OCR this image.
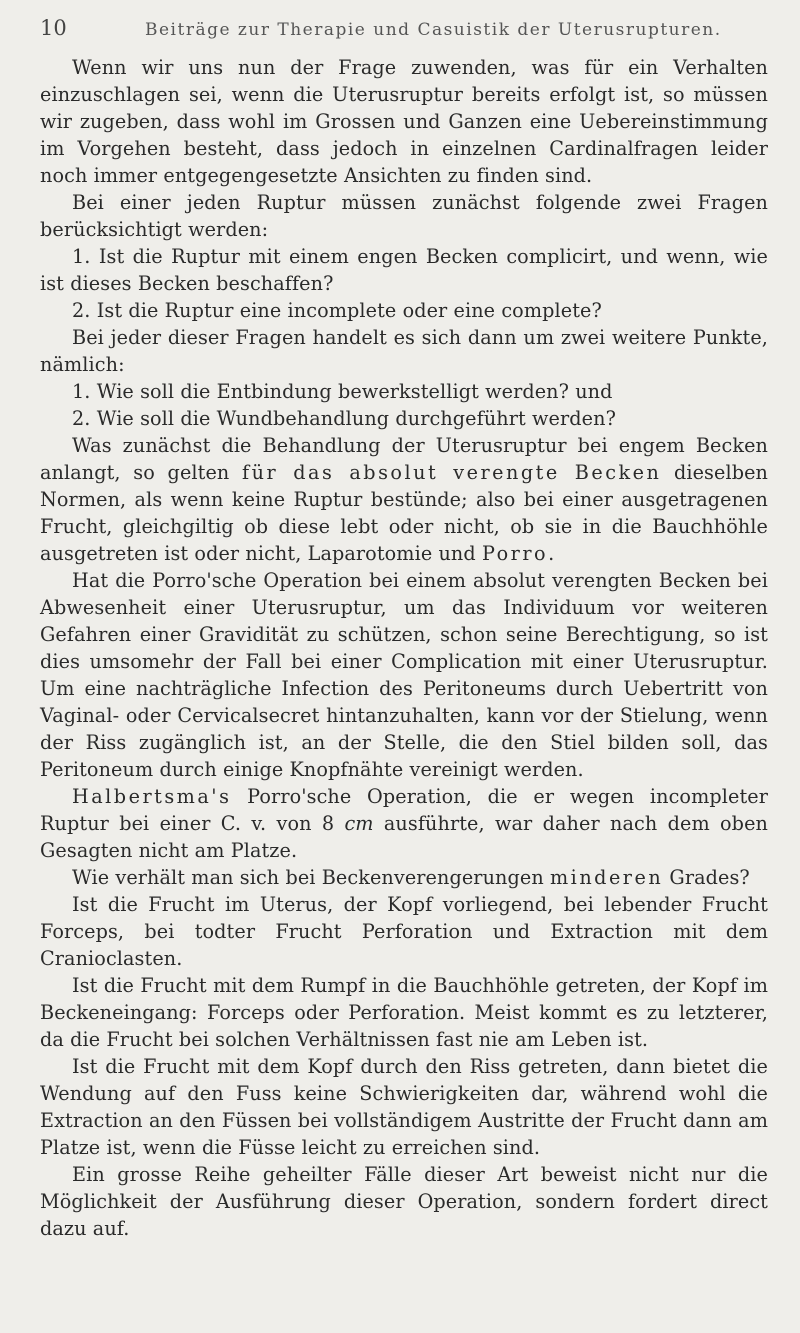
10	Beiträge zur Therapie und Casuistik der Uterusrupturen.

Wenn wir uns nun der Frage zuwenden, was für ein Verhalten einzuschlagen sei, wenn die Uterusruptur bereits erfolgt ist, so müssen wir zugeben, dass wohl im Grossen und Ganzen eine Uebereinstimmung im Vorgehen besteht, dass jedoch in einzelnen Cardinalfragen leider noch immer entgegengesetzte Ansichten zu finden sind.

Bei einer jeden Ruptur müssen zunächst folgende zwei Fragen berücksichtigt werden:

1. Ist die Ruptur mit einem engen Becken complicirt, und wenn, wie ist dieses Becken beschaffen?

2. Ist die Ruptur eine incomplete oder eine complete?

Bei jeder dieser Fragen handelt es sich dann um zwei weitere Punkte, nämlich:

1. Wie soll die Entbindung bewerkstelligt werden? und

2. Wie soll die Wundbehandlung durchgeführt werden?

Was zunächst die Behandlung der Uterusruptur bei engem Becken anlangt, so gelten für das absolut verengte Becken dieselben Normen, als wenn keine Ruptur bestünde; also bei einer ausgetragenen Frucht, gleichgiltig ob diese lebt oder nicht, ob sie in die Bauchhöhle ausgetreten ist oder nicht, Laparotomie und Porro.

Hat die Porro'sche Operation bei einem absolut verengten Becken bei Abwesenheit einer Uterusruptur, um das Individuum vor weiteren Gefahren einer Gravidität zu schützen, schon seine Berechtigung, so ist dies umsomehr der Fall bei einer Complication mit einer Uterusruptur. Um eine nachträgliche Infection des Peritoneums durch Uebertritt von Vaginal- oder Cervicalsecret hintanzuhalten, kann vor der Stielung, wenn der Riss zugänglich ist, an der Stelle, die den Stiel bilden soll, das Peritoneum durch einige Knopfnähte vereinigt werden.

Halbertsma's Porro'sche Operation, die er wegen incompleter Ruptur bei einer C. v. von 8 cm ausführte, war daher nach dem oben Gesagten nicht am Platze.

Wie verhält man sich bei Beckenverengerungen minderen Grades?

Ist die Frucht im Uterus, der Kopf vorliegend, bei lebender Frucht Forceps, bei todter Frucht Perforation und Extraction mit dem Cranioclasten.

Ist die Frucht mit dem Rumpf in die Bauchhöhle getreten, der Kopf im Beckeneingang: Forceps oder Perforation. Meist kommt es zu letzterer, da die Frucht bei solchen Verhältnissen fast nie am Leben ist.

Ist die Frucht mit dem Kopf durch den Riss getreten, dann bietet die Wendung auf den Fuss keine Schwierigkeiten dar, während wohl die Extraction an den Füssen bei vollständigem Austritte der Frucht dann am Platze ist, wenn die Füsse leicht zu erreichen sind.

Ein grosse Reihe geheilter Fälle dieser Art beweist nicht nur die Möglichkeit der Ausführung dieser Operation, sondern fordert direct dazu auf.
